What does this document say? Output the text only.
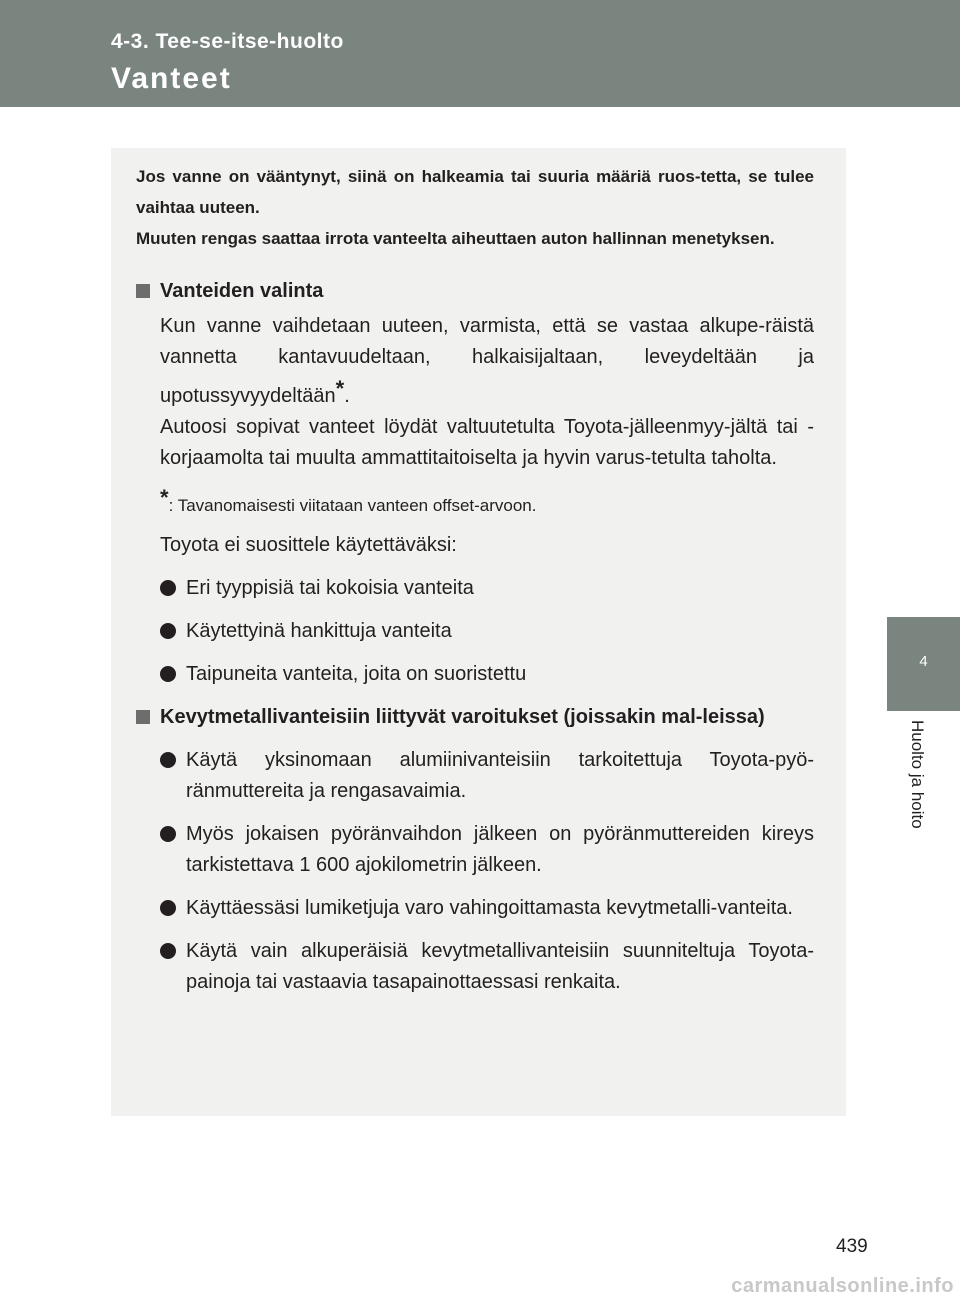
4-3. Tee-se-itse-huolto
Vanteet
4
Huolto ja hoito

Jos vanne on vääntynyt, siinä on halkeamia tai suuria määriä ruos-tetta, se tulee vaihtaa uuteen.
Muuten rengas saattaa irrota vanteelta aiheuttaen auton hallinnan menetyksen.

Vanteiden valinta
Kun vanne vaihdetaan uuteen, varmista, että se vastaa alkupe-räistä vannetta kantavuudeltaan, halkaisijaltaan, leveydeltään ja upotussyvyydeltään*.
Autoosi sopivat vanteet löydät valtuutetulta Toyota-jälleenmyy-jältä tai -korjaamolta tai muulta ammattitaitoiselta ja hyvin varus-tetulta taholta.
*: Tavanomaisesti viitataan vanteen offset-arvoon.
Toyota ei suosittele käytettäväksi:
Eri tyyppisiä tai kokoisia vanteita
Käytettyinä hankittuja vanteita
Taipuneita vanteita, joita on suoristettu
Kevytmetallivanteisiin liittyvät varoitukset (joissakin mal-leissa)
Käytä yksinomaan alumiinivanteisiin tarkoitettuja Toyota-pyö-ränmuttereita ja rengasavaimia.
Myös jokaisen pyöränvaihdon jälkeen on pyöränmuttereiden kireys tarkistettava 1 600 ajokilometrin jälkeen.
Käyttäessäsi lumiketjuja varo vahingoittamasta kevytmetalli-vanteita.
Käytä vain alkuperäisiä kevytmetallivanteisiin suunniteltuja Toyota-painoja tai vastaavia tasapainottaessasi renkaita.
439
carmanualsonline.info
